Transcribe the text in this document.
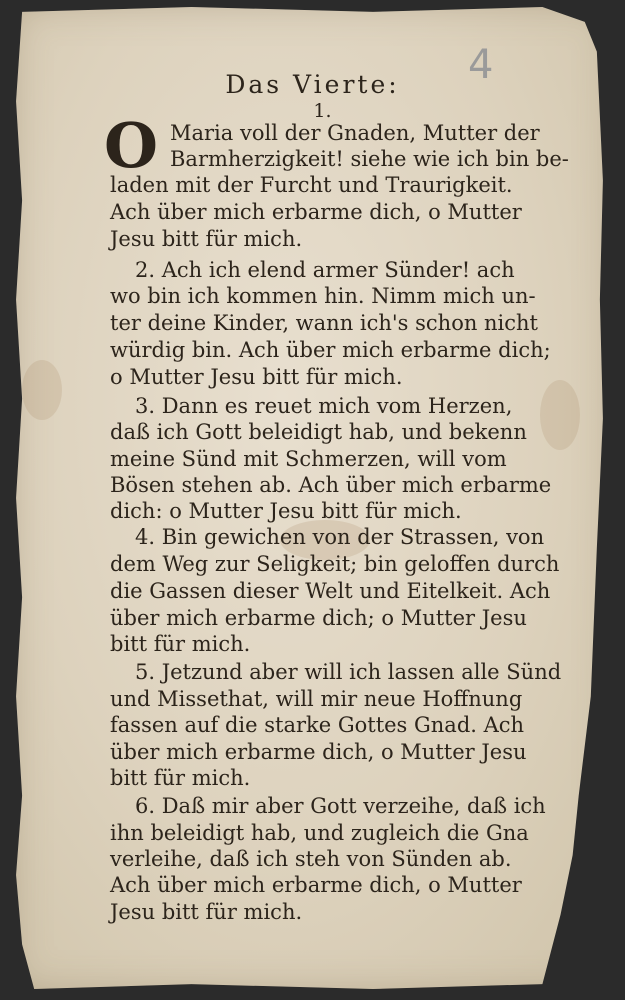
4
Das Vierte:
1.
O Maria voll der Gnaden, Mutter der
Barmherzigkeit! siehe wie ich bin be-
laden mit der Furcht und Traurigkeit.
Ach über mich erbarme dich, o Mutter
Jesu bitt für mich.
2. Ach ich elend armer Sünder! ach
wo bin ich kommen hin. Nimm mich un-
ter deine Kinder, wann ich's schon nicht
würdig bin. Ach über mich erbarme dich;
o Mutter Jesu bitt für mich.
3. Dann es reuet mich vom Herzen,
daß ich Gott beleidigt hab, und bekenn
meine Sünd mit Schmerzen, will vom
Bösen stehen ab. Ach über mich erbarme
dich: o Mutter Jesu bitt für mich.
4. Bin gewichen von der Strassen, von
dem Weg zur Seligkeit; bin geloffen durch
die Gassen dieser Welt und Eitelkeit. Ach
über mich erbarme dich; o Mutter Jesu
bitt für mich.
5. Jetzund aber will ich lassen alle Sünd
und Missethat, will mir neue Hoffnung
fassen auf die starke Gottes Gnad. Ach
über mich erbarme dich, o Mutter Jesu
bitt für mich.
6. Daß mir aber Gott verzeihe, daß ich
ihn beleidigt hab, und zugleich die Gna
verleihe, daß ich steh von Sünden ab.
Ach über mich erbarme dich, o Mutter
Jesu bitt für mich.
